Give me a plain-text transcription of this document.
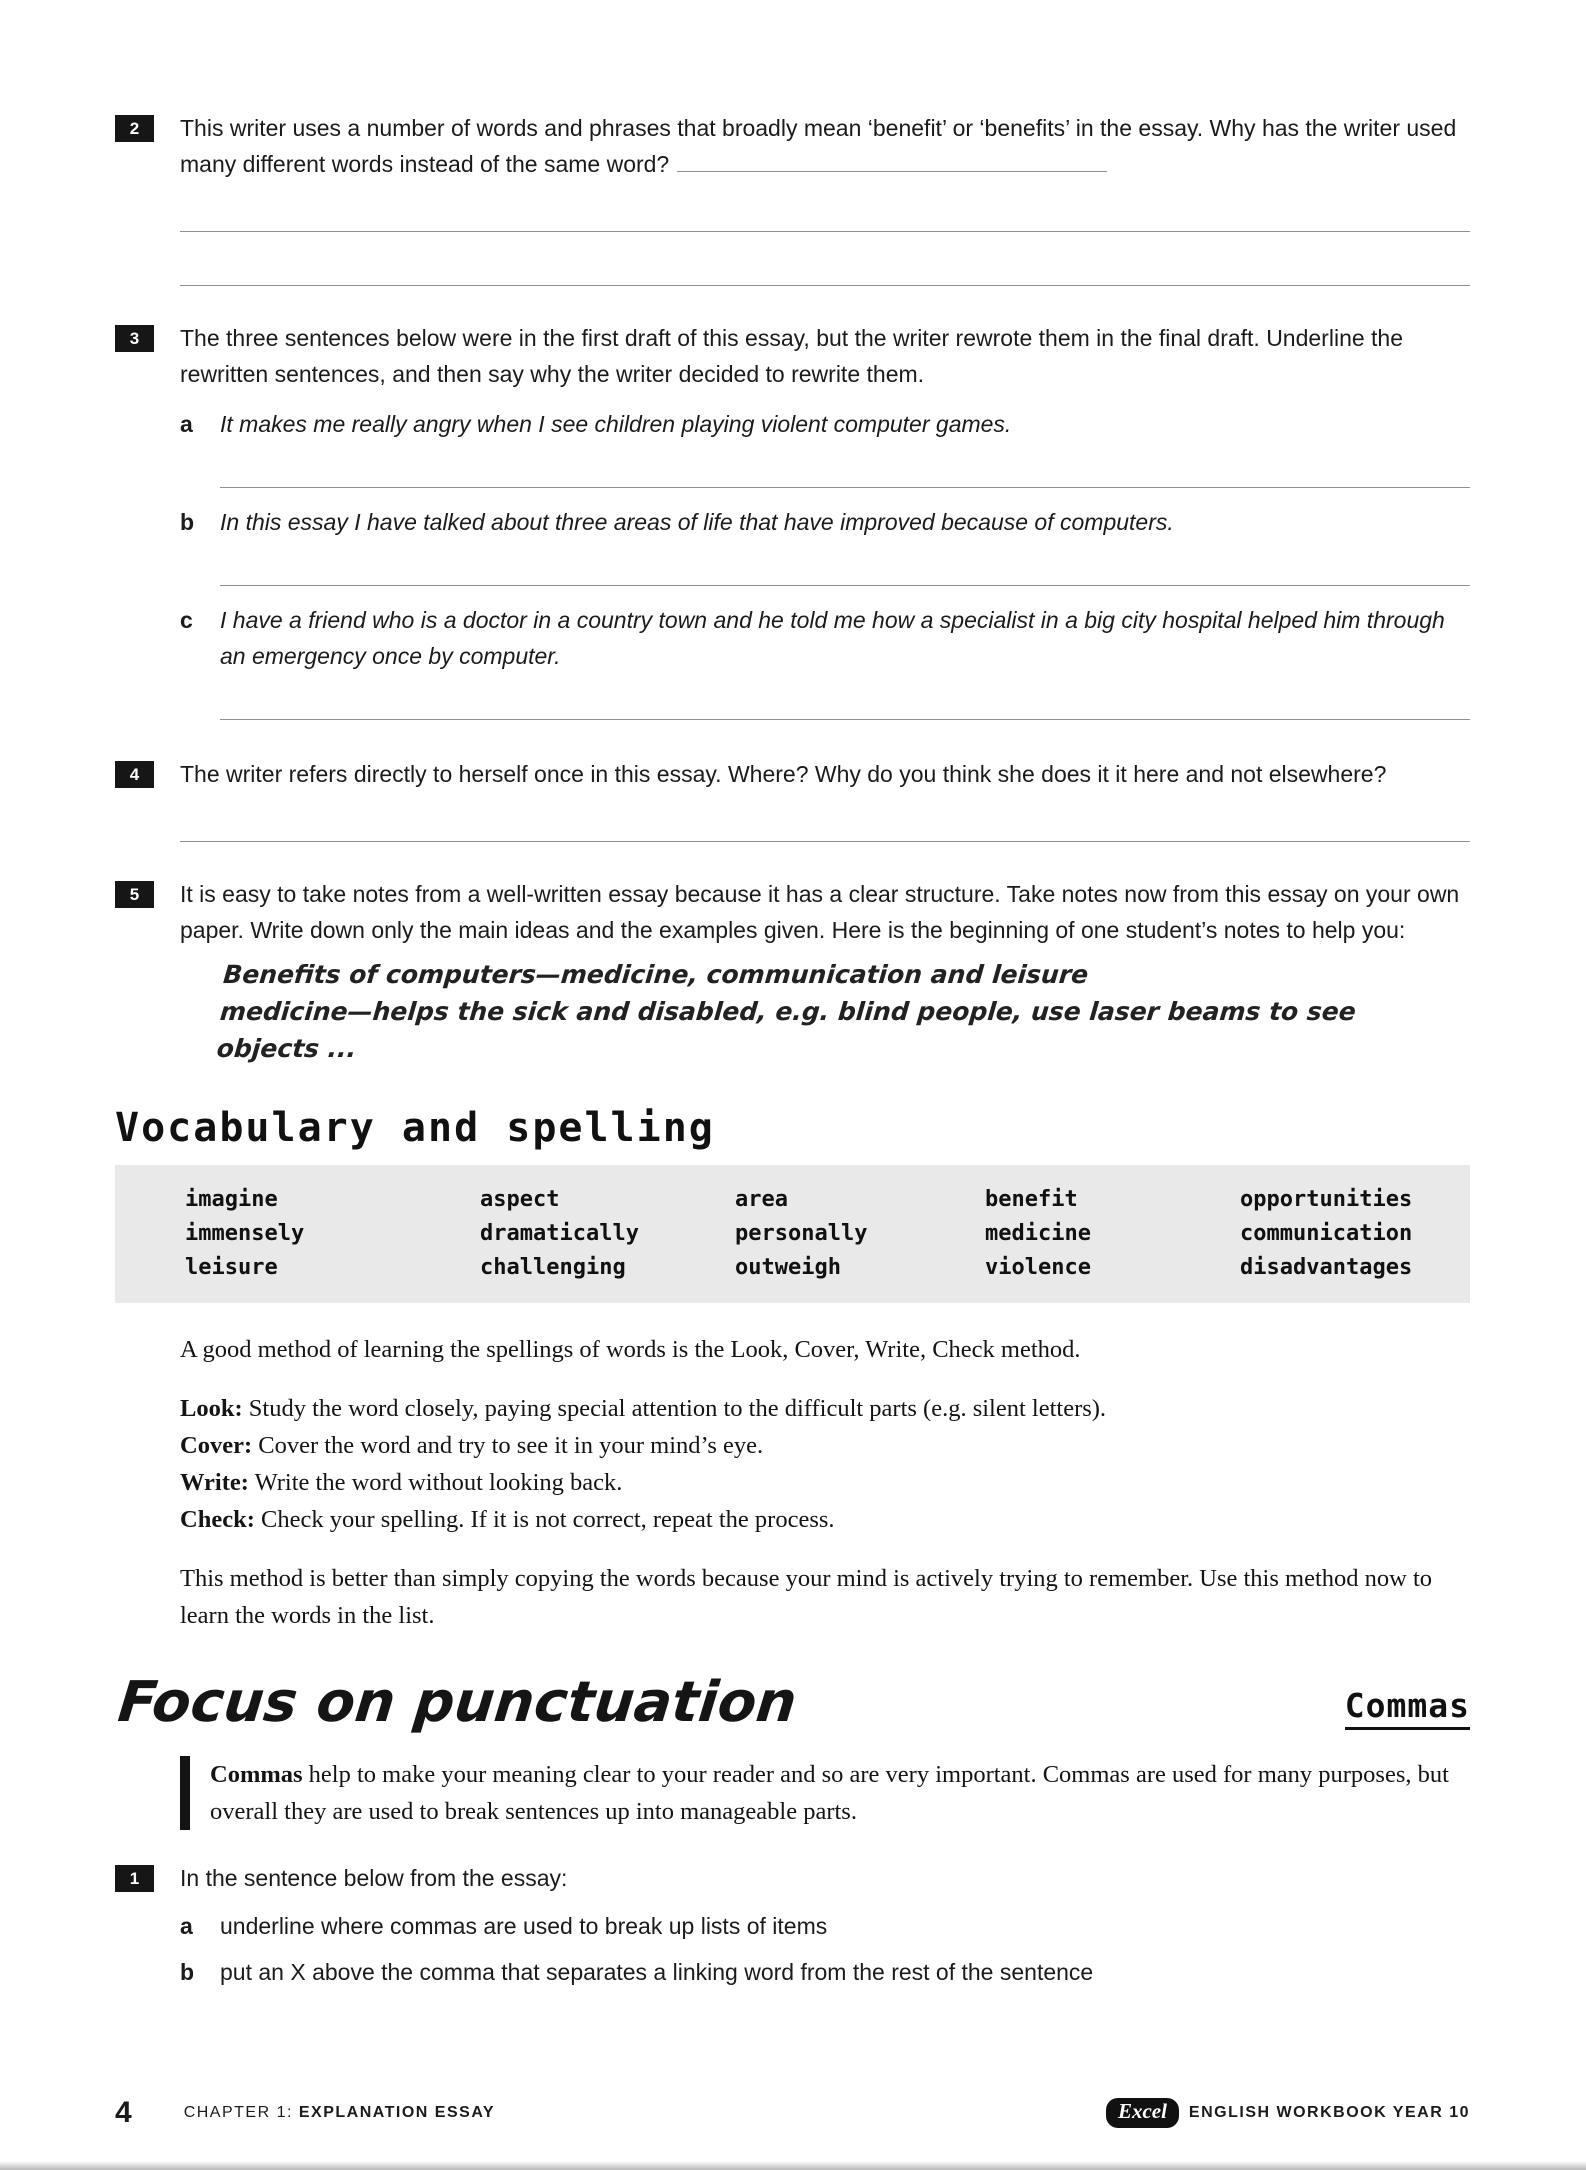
2	This writer uses a number of words and phrases that broadly mean ‘benefit’ or ‘benefits’ in the essay. Why has the writer used many different words instead of the same word?

3	The three sentences below were in the first draft of this essay, but the writer rewrote them in the final draft. Underline the rewritten sentences, and then say why the writer decided to rewrite them.

a	It makes me really angry when I see children playing violent computer games.
b	In this essay I have talked about three areas of life that have improved because of computers.
c	I have a friend who is a doctor in a country town and he told me how a specialist in a big city hospital helped him through an emergency once by computer.
4	The writer refers directly to herself once in this essay. Where? Why do you think she does it it here and not elsewhere?

5	It is easy to take notes from a well-written essay because it has a clear structure. Take notes now from this essay on your own paper. Write down only the main ideas and the examples given. Here is the beginning of one student’s notes to help you:

Benefits of computers—medicine, communication and leisure
medicine—helps the sick and disabled, e.g. blind people, use laser beams to see objects ...
Vocabulary and spelling
imagine	aspect	area	benefit	opportunities
immensely	dramatically	personally	medicine	communication
leisure	challenging	outweigh	violence	disadvantages

A good method of learning the spellings of words is the Look, Cover, Write, Check method.

Look: Study the word closely, paying special attention to the difficult parts (e.g. silent letters).
Cover: Cover the word and try to see it in your mind’s eye.
Write: Write the word without looking back.
Check: Check your spelling. If it is not correct, repeat the process.

This method is better than simply copying the words because your mind is actively trying to remember. Use this method now to learn the words in the list.

Focus on punctuation	Commas

Commas help to make your meaning clear to your reader and so are very important. Commas are used for many purposes, but overall they are used to break sentences up into manageable parts.

1	In the sentence below from the essay:

a	underline where commas are used to break up lists of items
b	put an X above the comma that separates a linking word from the rest of the sentence
4	CHAPTER 1: EXPLANATION ESSAY	Excel	ENGLISH WORKBOOK YEAR 10
